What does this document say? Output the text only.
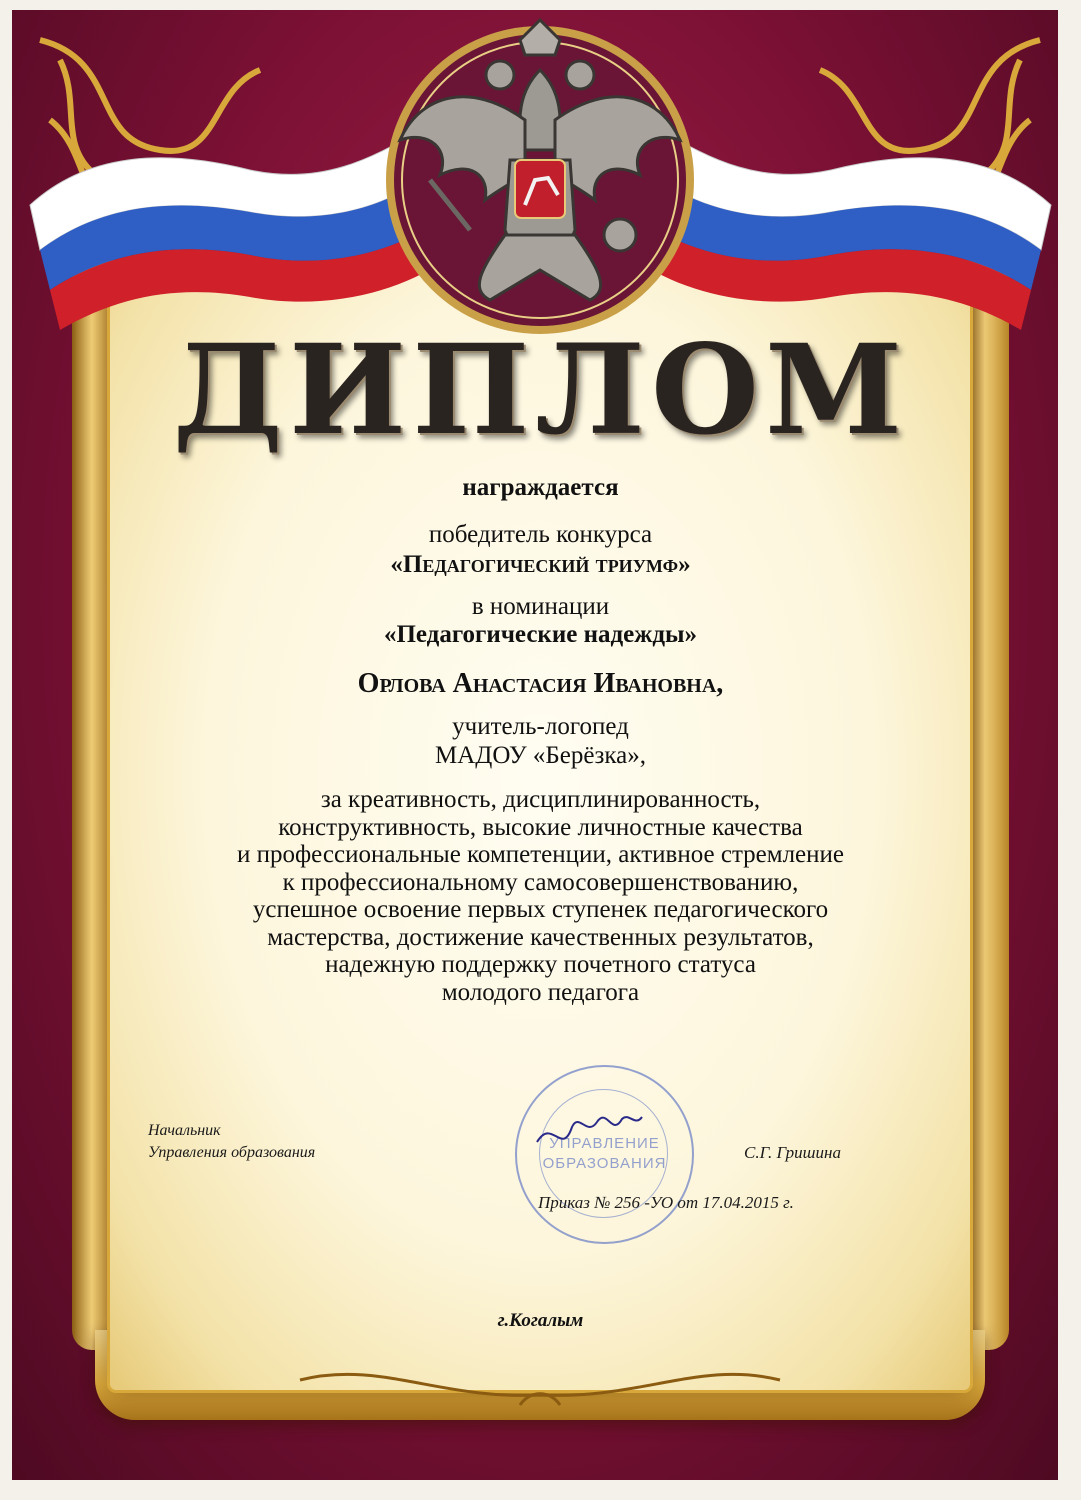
ДИПЛОМ
награждается
победитель конкурса
«Педагогический триумф»
в номинации
«Педагогические надежды»
Орлова Анастасия Ивановна,
учитель-логопед
МАДОУ «Берёзка»,
за креативность, дисциплинированность,
конструктивность, высокие личностные качества
и профессиональные компетенции, активное стремление
к профессиональному самосовершенствованию,
успешное освоение первых ступенек педагогического
мастерства, достижение качественных результатов,
надежную поддержку почетного статуса
молодого педагога
Начальник
Управления образования
УПРАВЛЕНИЕ
ОБРАЗОВАНИЯ
С.Г. Гришина
Приказ № 256 -УО от 17.04.2015 г.
г.Когалым
